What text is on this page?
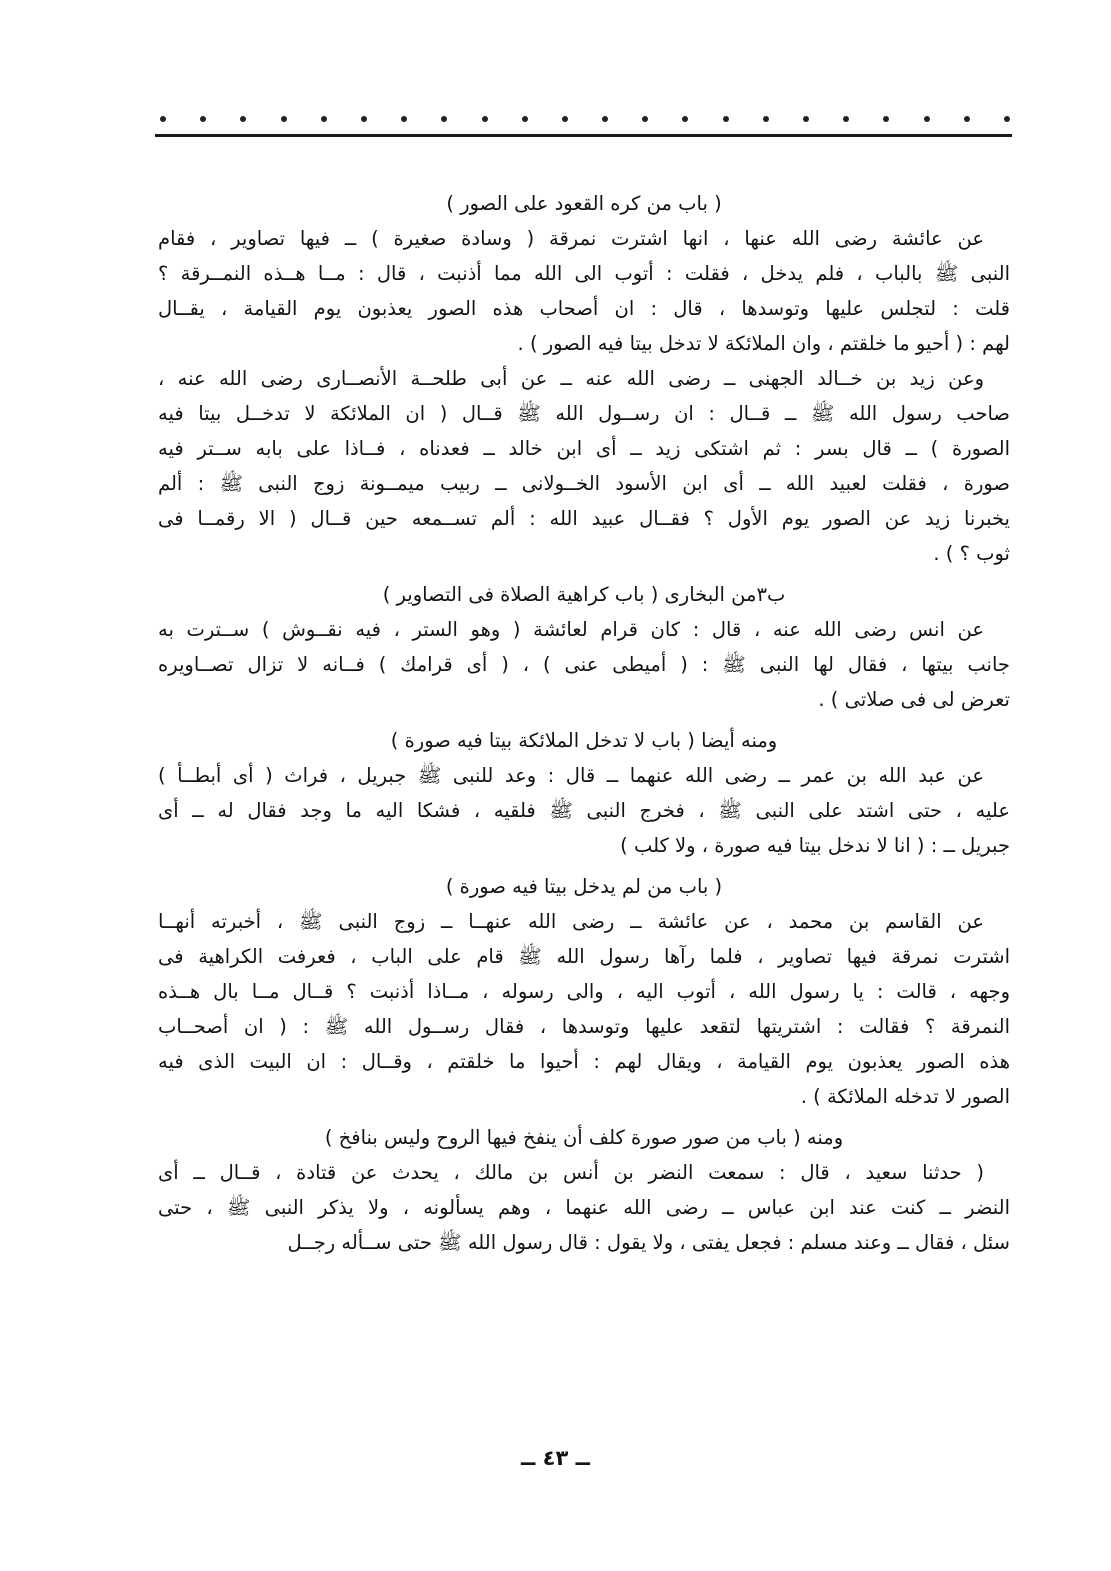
( باب من كره القعود على الصور )
عن عائشة رضى الله عنها ، انها اشترت نمرقة ( وسادة صغيرة ) ــ فيها تصاوير ، فقام
النبى ﷺ بالباب ، فلم يدخل ، فقلت : أتوب الى الله مما أذنبت ، قال : مــا هــذه النمــرقة ؟
قلت : لتجلس عليها وتوسدها ، قال : ان أصحاب هذه الصور يعذبون يوم القيامة ، يقــال
لهم : ( أحيو ما خلقتم ، وان الملائكة لا تدخل بيتا فيه الصور ) .
وعن زيد بن خــالد الجهنى ــ رضى الله عنه ــ عن أبى طلحــة الأنصــارى رضى الله عنه ،
صاحب رسول الله ﷺ ــ قــال : ان رســول الله ﷺ قــال ( ان الملائكة لا تدخــل بيتا فيه
الصورة ) ــ قال بسر : ثم اشتكى زيد ــ أى ابن خالد ــ فعدناه ، فــاذا على بابه ســتر فيه
صورة ، فقلت لعبيد الله ــ أى ابن الأسود الخــولانى ــ ربيب ميمــونة زوج النبى ﷺ : ألم
يخبرنا زيد عن الصور يوم الأول ؟ فقــال عبيد الله : ألم تســمعه حين قــال ( الا رقمــا فى
ثوب ؟ ) .
ب٣من البخارى ( باب كراهية الصلاة فى التصاوير )
عن انس رضى الله عنه ، قال : كان قرام لعائشة ( وهو الستر ، فيه نقــوش ) ســترت به
جانب بيتها ، فقال لها النبى ﷺ : ( أميطى عنى ) ، ( أى قرامك ) فــانه لا تزال تصــاويره
تعرض لى فى صلاتى ) .
ومنه أيضا ( باب لا تدخل الملائكة بيتا فيه صورة )
عن عبد الله بن عمر ــ رضى الله عنهما ــ قال : وعد للنبى ﷺ جبريل ، فراث ( أى أبطــأ )
عليه ، حتى اشتد على النبى ﷺ ، فخرج النبى ﷺ فلقيه ، فشكا اليه ما وجد فقال له ــ أى
جبريل ــ : ( انا لا ندخل بيتا فيه صورة ، ولا كلب )
( باب من لم يدخل بيتا فيه صورة )
عن القاسم بن محمد ، عن عائشة ــ رضى الله عنهــا ــ زوج النبى ﷺ ، أخبرته أنهــا
اشترت نمرقة فيها تصاوير ، فلما رآها رسول الله ﷺ قام على الباب ، فعرفت الكراهية فى
وجهه ، قالت : يا رسول الله ، أتوب اليه ، والى رسوله ، مــاذا أذنبت ؟ قــال مــا بال هــذه
النمرقة ؟ فقالت : اشتريتها لتقعد عليها وتوسدها ، فقال رســول الله ﷺ : ( ان أصحــاب
هذه الصور يعذبون يوم القيامة ، ويقال لهم : أحيوا ما خلقتم ، وقــال : ان البيت الذى فيه
الصور لا تدخله الملائكة ) .
ومنه ( باب من صور صورة كلف أن ينفخ فيها الروح وليس بنافخ )
( حدثنا سعيد ، قال : سمعت النضر بن أنس بن مالك ، يحدث عن قتادة ، قــال ــ أى
النضر ــ كنت عند ابن عباس ــ رضى الله عنهما ، وهم يسألونه ، ولا يذكر النبى ﷺ ، حتى
سئل ، فقال ــ وعند مسلم : فجعل يفتى ، ولا يقول : قال رسول الله ﷺ حتى ســأله رجــل
ــ ٤٣ ــ
